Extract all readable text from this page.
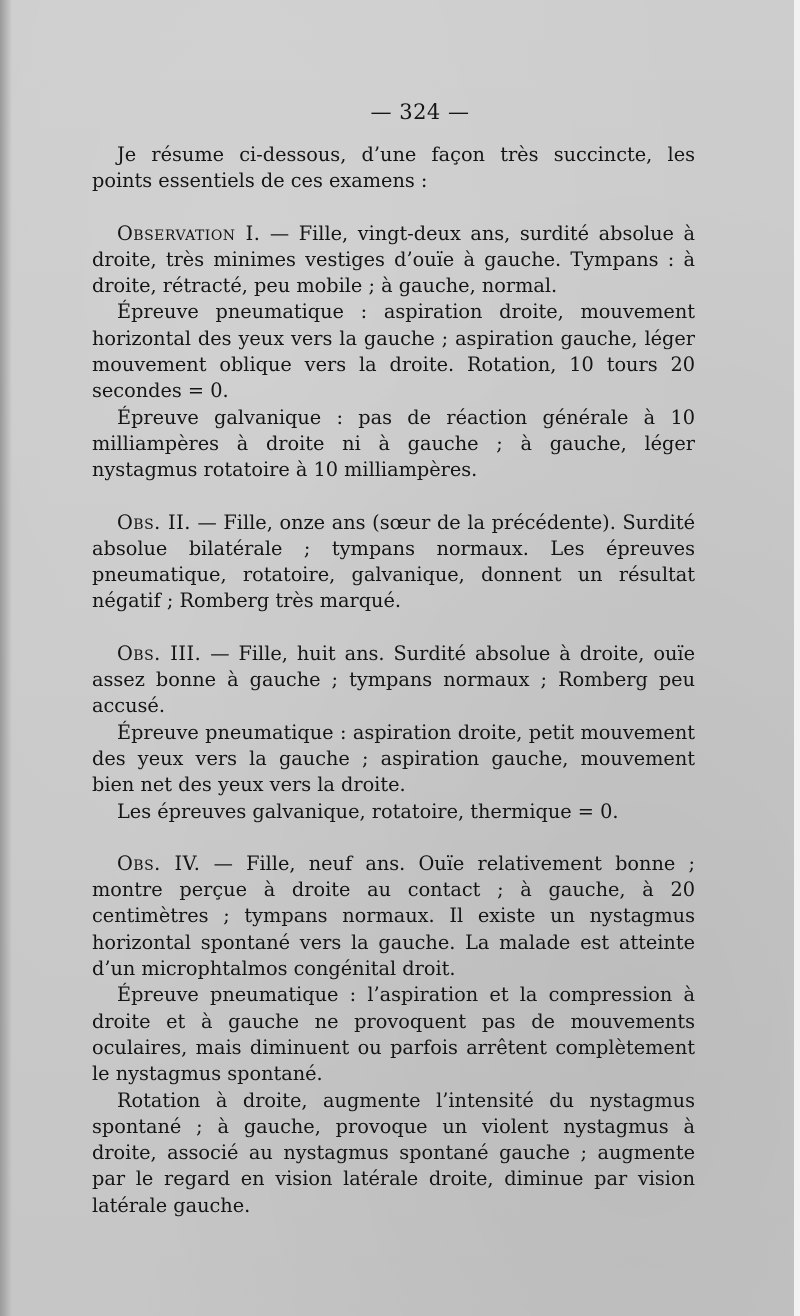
— 324 —

Je résume ci-dessous, d’une façon très succincte, les points essentiels de ces examens :

Observation I. — Fille, vingt-deux ans, surdité absolue à droite, très minimes vestiges d’ouïe à gauche. Tympans : à droite, rétracté, peu mobile ; à gauche, normal.

Épreuve pneumatique : aspiration droite, mouvement horizontal des yeux vers la gauche ; aspiration gauche, léger mouvement oblique vers la droite. Rotation, 10 tours 20 secondes = 0.

Épreuve galvanique : pas de réaction générale à 10 milliampères à droite ni à gauche ; à gauche, léger nystagmus rotatoire à 10 milliampères.

Obs. II. — Fille, onze ans (sœur de la précédente). Surdité absolue bilatérale ; tympans normaux. Les épreuves pneumatique, rotatoire, galvanique, donnent un résultat négatif ; Romberg très marqué.

Obs. III. — Fille, huit ans. Surdité absolue à droite, ouïe assez bonne à gauche ; tympans normaux ; Romberg peu accusé.

Épreuve pneumatique : aspiration droite, petit mouvement des yeux vers la gauche ; aspiration gauche, mouvement bien net des yeux vers la droite.

Les épreuves galvanique, rotatoire, thermique = 0.

Obs. IV. — Fille, neuf ans. Ouïe relativement bonne ; montre perçue à droite au contact ; à gauche, à 20 centimètres ; tympans normaux. Il existe un nystagmus horizontal spontané vers la gauche. La malade est atteinte d’un microphtalmos congénital droit.

Épreuve pneumatique : l’aspiration et la compression à droite et à gauche ne provoquent pas de mouvements oculaires, mais diminuent ou parfois arrêtent complètement le nystagmus spontané.

Rotation à droite, augmente l’intensité du nystagmus spontané ; à gauche, provoque un violent nystagmus à droite, associé au nystagmus spontané gauche ; augmente par le regard en vision latérale droite, diminue par vision latérale gauche.
